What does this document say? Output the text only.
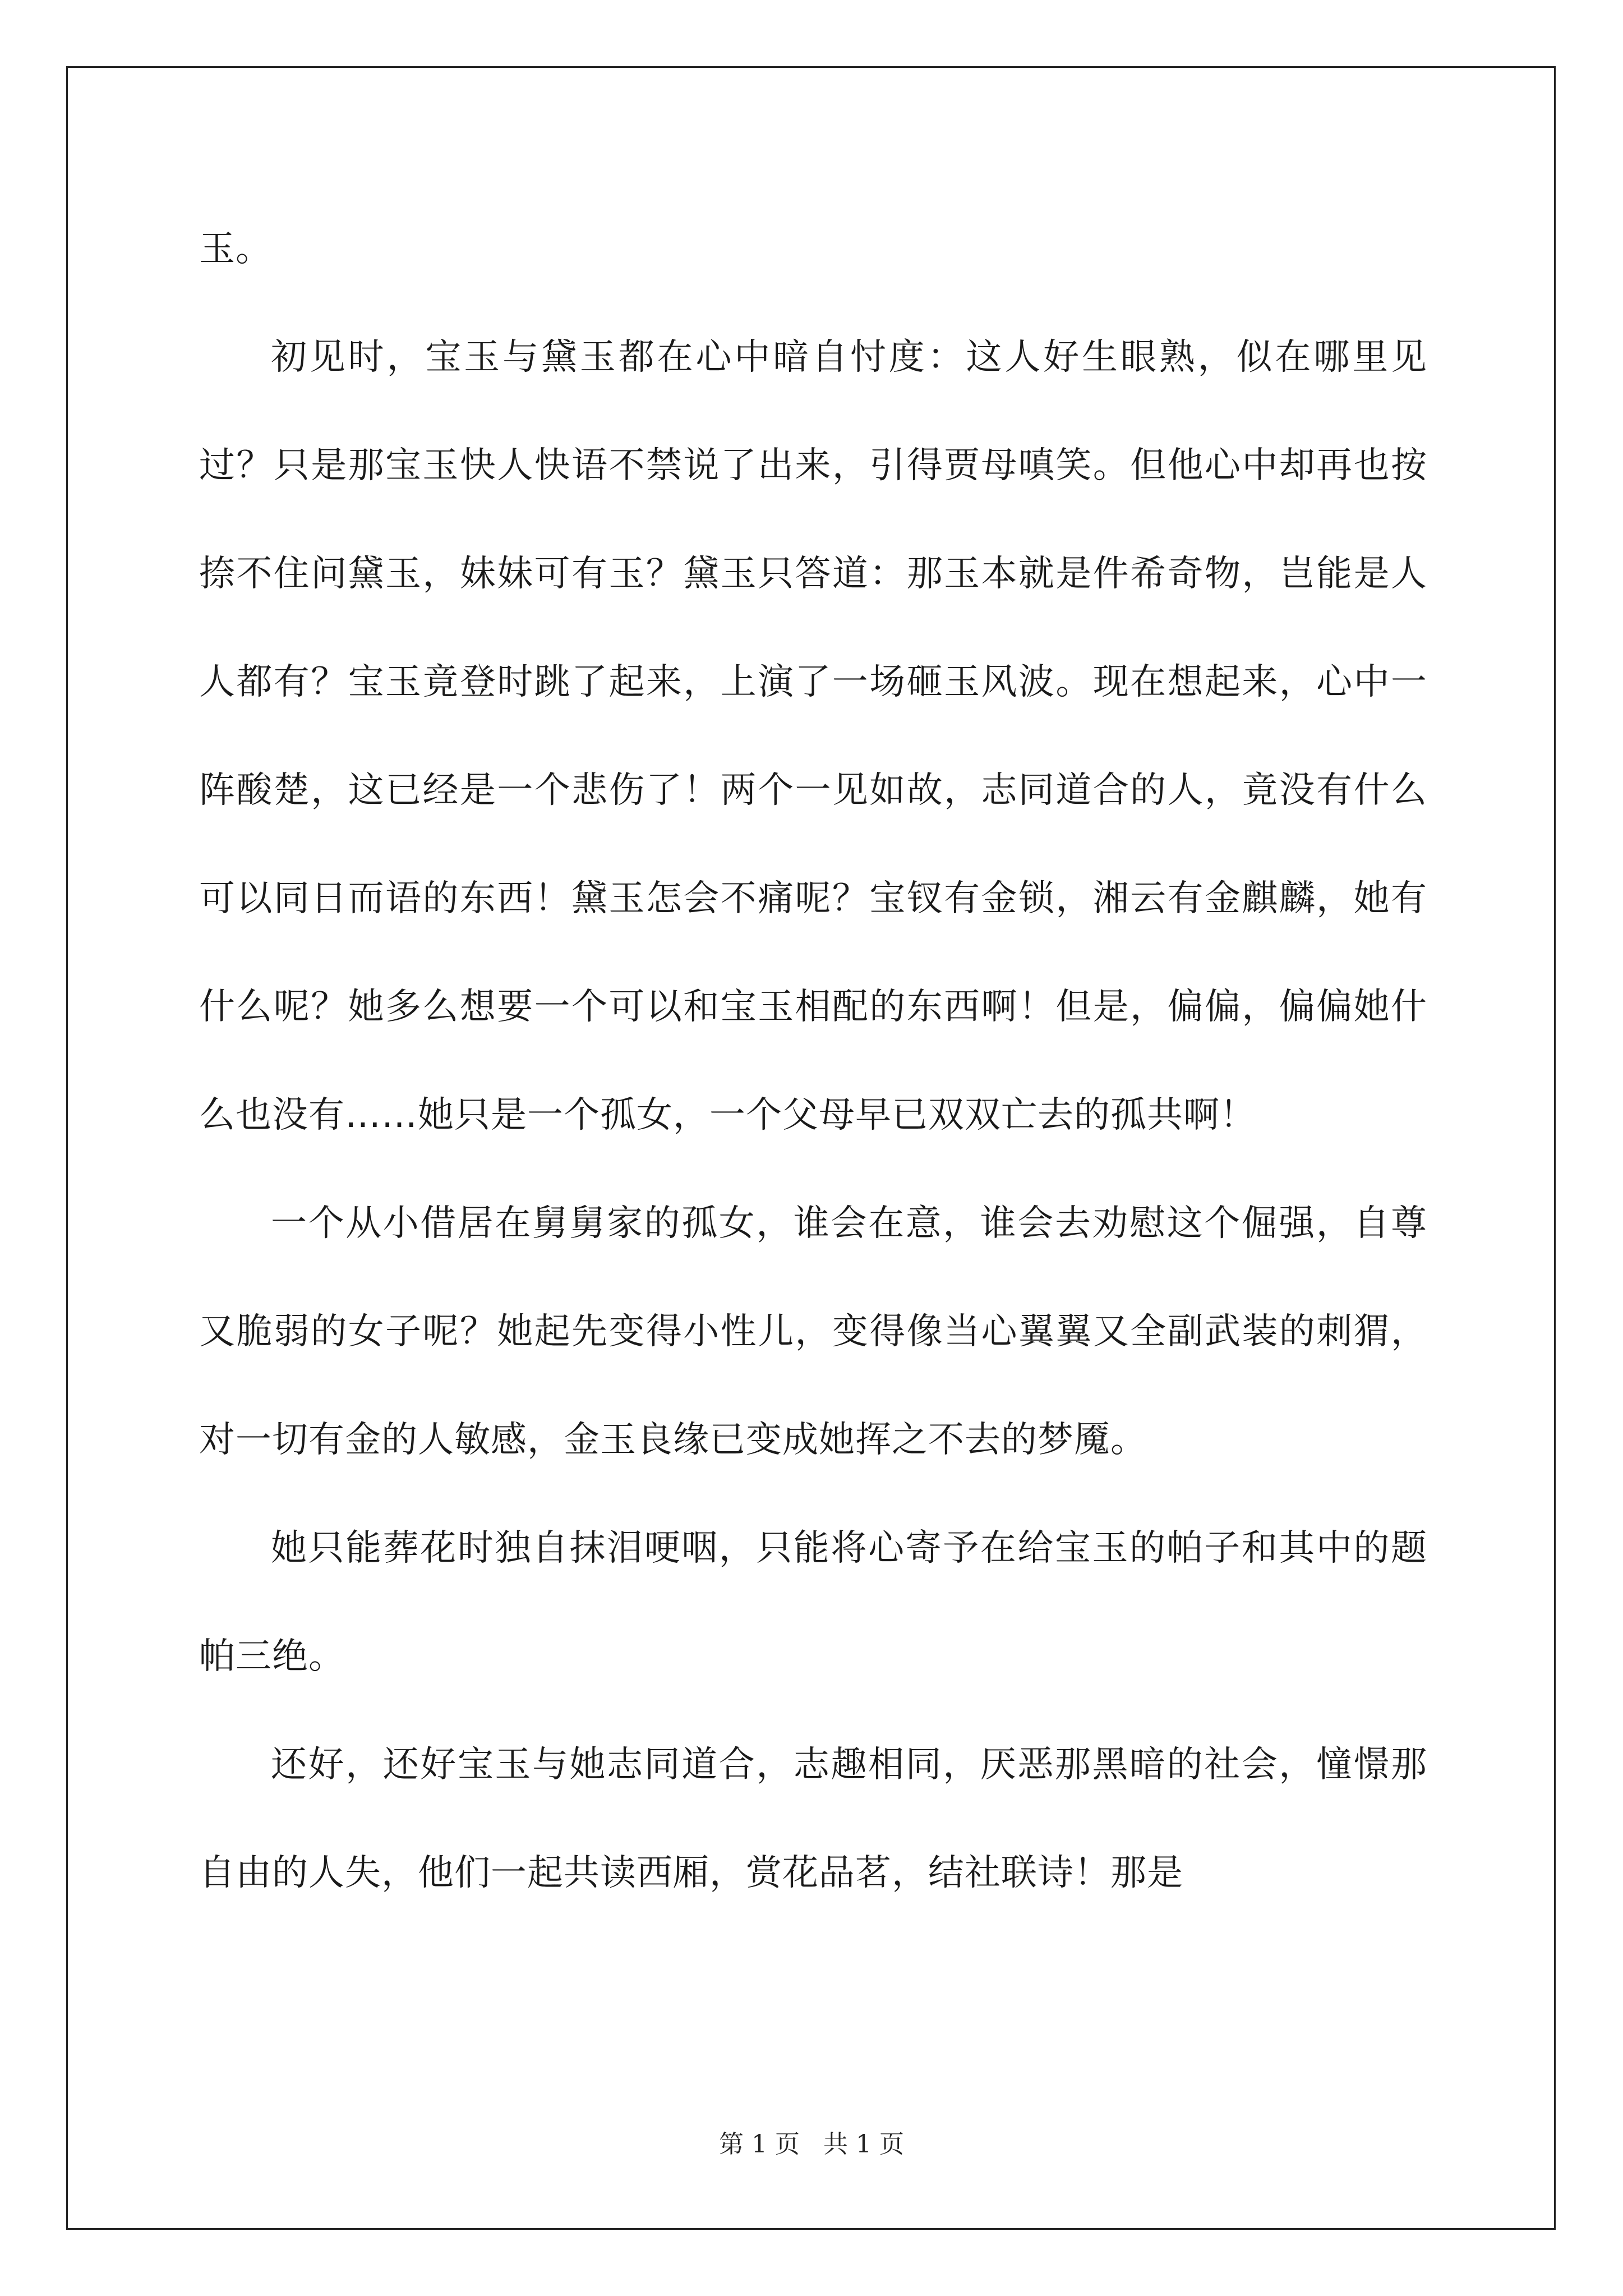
玉。

初见时，宝玉与黛玉都在心中暗自忖度：这人好生眼熟，似在哪里见过？只是那宝玉快人快语不禁说了出来，引得贾母嗔笑。但他心中却再也按捺不住问黛玉，妹妹可有玉？黛玉只答道：那玉本就是件希奇物，岂能是人人都有？宝玉竟登时跳了起来，上演了一场砸玉风波。现在想起来，心中一阵酸楚，这已经是一个悲伤了！两个一见如故，志同道合的人，竟没有什么可以同日而语的东西！黛玉怎会不痛呢？宝钗有金锁，湘云有金麒麟，她有什么呢？她多么想要一个可以和宝玉相配的东西啊！但是，偏偏，偏偏她什么也没有……她只是一个孤女，一个父母早已双双亡去的孤共啊！

一个从小借居在舅舅家的孤女，谁会在意，谁会去劝慰这个倔强，自尊又脆弱的女子呢？她起先变得小性儿，变得像当心翼翼又全副武装的刺猬，对一切有金的人敏感，金玉良缘已变成她挥之不去的梦魇。

她只能葬花时独自抹泪哽咽，只能将心寄予在给宝玉的帕子和其中的题帕三绝。

还好，还好宝玉与她志同道合，志趣相同，厌恶那黑暗的社会，憧憬那自由的人失，他们一起共读西厢，赏花品茗，结社联诗！那是

第 1 页   共 1 页
